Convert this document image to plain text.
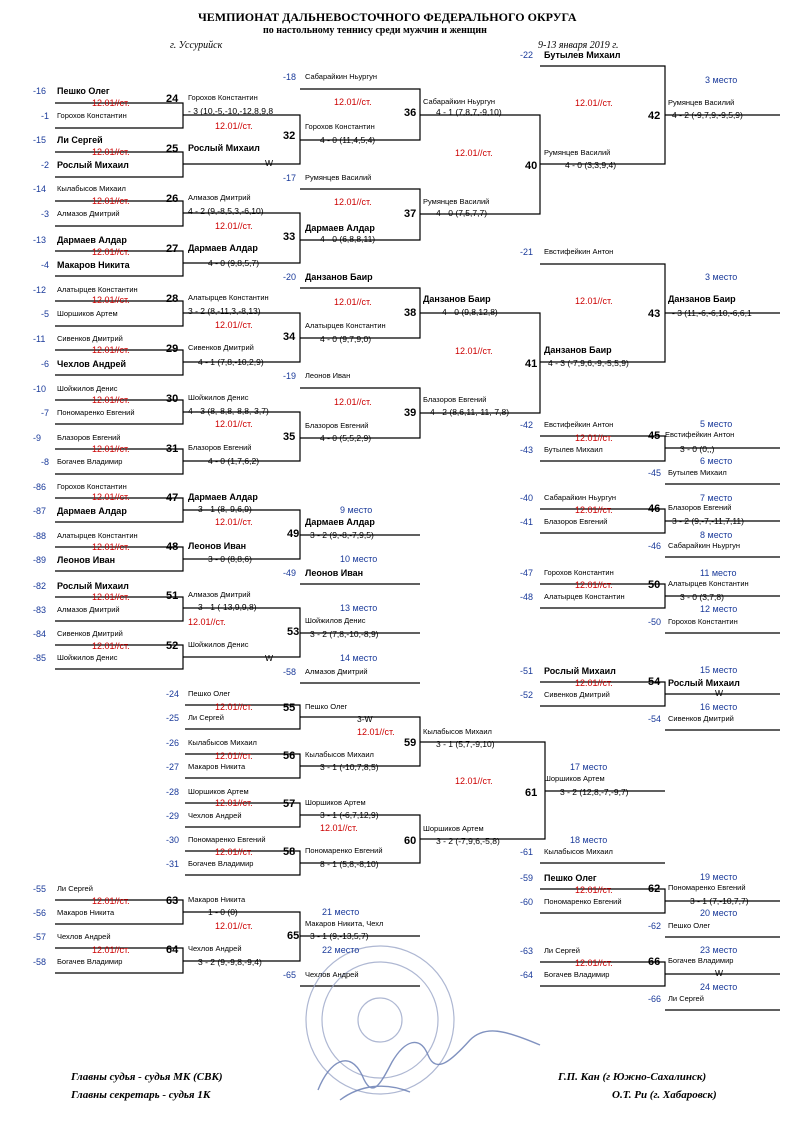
ЧЕМПИОНАТ ДАЛЬНЕВОСТОЧНОГО ФЕДЕРАЛЬНОГО ОКРУГА
по настольному теннису среди мужчин и женщин
г. Уссурийск	9-13 января 2019 г.
-16 Пешко Олег
-1 Горохов Константин
12.01//ст.	24 Горохов Константин
- 3 (10,-5,-10,-12,8,9,8
12.01//ст.
-15 Ли Сергей
12.01//ст.	25 Рослый Михаил
W
-2 Рослый Михаил
-18 Сабарайкин Ньургун
12.01//ст.
36
Сабарайкин Ньургун
4 - 1 (7,8,7,-9,10)
32
Горохов Константин
4 - 0 (11,4,5,4)
-14 Кылабысов Михаил
12.01//ст.	26 Алмазов Дмитрий
4 - 2 (9,-8,5,3,-6,10)
12.01//ст.
-3 Алмазов Дмитрий
-13 Дармаев Алдар
12.01//ст.	27 Дармаев Алдар
4 - 0 (9,8,5,7)
-4 Макаров Никита
-17 Румянцев Василий
12.01//ст.
37
Румянцев Василий
4 - 0 (7,5,7,7)
33
Дармаев Алдар
4 - 0 (6,8,8,11)
12.01//ст.
40
Румянцев Василий
4 - 0 (3,3,9,4)
-22 Бутылев Михаил
12.01//ст.
3 место
42
Румянцев Василий
4 - 2 (-9,7,9,-9,5,9)
-12 Алатырцев Константин
12.01//ст.	28 Алатырцев Константин
3 - 2 (8,-11,3,-8,13)
12.01//ст.
-5 Шоршиков Артем
-11 Сивенков Дмитрий
12.01//ст.	29 Сивенков Дмитрий
4 - 1 (7,8,-10,2,9)
-6 Чехлов Андрей
-20 Данзанов Баир
12.01//ст.
38
Данзанов Баир
4 - 0 (9,8,12,8)
34
Алатырцев Константин
4 - 0 (9,7,9,0)
12.01//ст.
41
Данзанов Баир
4 - 3 (-7,9,6,-9,-5,5,9)
-21 Евстифейкин Антон
12.01//ст.
3 место
43
Данзанов Баир
- 3 (11,-6,-6,10,-6,6,1
-10 Шойжилов Денис
12.01//ст.	30 Шойжилов Денис
4 - 3 (8,-8,8,-8,8,-3,7)
12.01//ст.
-7 Пономаренко Евгений
-9 Блазоров Евгений
12.01//ст.	31 Блазоров Евгений
4 - 0 (1,7,6,2)
-8 Богачев Владимир
-19 Леонов Иван
12.01//ст.
39
Блазоров Евгений
4 - 2 (8,6,11,-11,-7,8)
35
Блазоров Евгений
4 - 0 (5,5,2,9)
-42 Евстифейкин Антон
12.01//ст.	45 Евстифейкин Антон
3 - 0 (0,,)
5 место
6 место
-43 Бутылев Михаил
-45 Бутылев Михаил
-86 Горохов Константин
-87 Дармаев Алдар
12.01//ст.	47 Дармаев Алдар
3 - 1 (8,-9,6,9)
12.01//ст.
-88 Алатырцев Константин
-89 Леонов Иван
12.01//ст.	48 Леонов Иван
3 - 0 (8,8,6)
9 место
49
Дармаев Алдар
3 - 2 (9,-8,-7,9,5)
10 место
-49 Леонов Иван
-82 Рослый Михаил
-83 Алмазов Дмитрий
12.01//ст.	51 Алмазов Дмитрий
3 - 1 (-13,9,9,8)
12.01//ст.
-84 Сивенков Дмитрий
-85 Шойжилов Денис
12.01//ст.	52 Шойжилов Денис
W
13 место
53
Шойжилов Денис
3 - 2 (7,8,-10,-8,9)
14 место
-58 Алмазов Дмитрий
-40 Сабарайкин Ньургун
12.01//ст.	46 Блазоров Евгений
3 - 2 (9,-7,-11,7,11)
7 место
8 место
-41 Блазоров Евгений
-46 Сабарайкин Ньургун
-47 Горохов Константин
12.01//ст.	50 Алатырцев Константин
3 - 0 (3,7,8)
11 место
12 место
-48 Алатырцев Константин
-50 Горохов Константин
-51 Рослый Михаил
12.01//ст.	54 Рослый Михаил
W
15 место
16 место
-52 Сивенков Дмитрий
-54 Сивенков Дмитрий
-24 Пешко Олег
-25 Ли Сергей
12.01//ст.	55 Пешко Олег
3-W
12.01//ст.
-26 Кылабысов Михаил
-27 Макаров Никита
12.01//ст.	56 Кылабысов Михаил
3 - 1 (-10,7,8,5)
59
Кылабысов Михаил
3 - 1 (5,7,-9,10)
-28 Шоршиков Артем
-29 Чехлов Андрей
12.01//ст.	57 Шоршиков Артем
3 - 1 (-6,7,12,9)
12.01//ст.
-30 Пономаренко Евгений
-31 Богачев Владимир
12.01//ст.	58 Пономаренко Евгений
8 - 1 (5,8,-8,10)
60
Шоршиков Артем
3 - 2 (-7,9,6,-5,8)
12.01//ст.
17 место
61
Шоршиков Артем
3 - 2 (12,8,-7,-9,7)
18 место
-61 Кылабысов Михаил
-55 Ли Сергей
-56 Макаров Никита
12.01//ст.	63 Макаров Никита
1 - 0 (0)
12.01//ст.
-57 Чехлов Андрей
-58 Богачев Владимир
12.01//ст.	64 Чехлов Андрей
3 - 2 (9,-9,8,-9,4)
21 место
65
Макаров Никита, Чехл
3 - 1 (9,-13,5,7)
22 место
-65 Чехлов Андрей
-59 Пешко Олег
12.01//ст.	62 Пономаренко Евгений
3 - 1 (7,-10,7,7)
19 место
20 место
-60 Пономаренко Евгений
-62 Пешко Олег
-63 Ли Сергей
12.01//ст.	66 Богачев Владимир
W
23 место
24 место
-64 Богачев Владимир
-66 Ли Сергей
Главны судья - судья МК (СВК)	Г.П. Кан (г Южно-Сахалинск)
Главны секретарь - судья 1К	О.Т. Ри (г. Хабаровск)
